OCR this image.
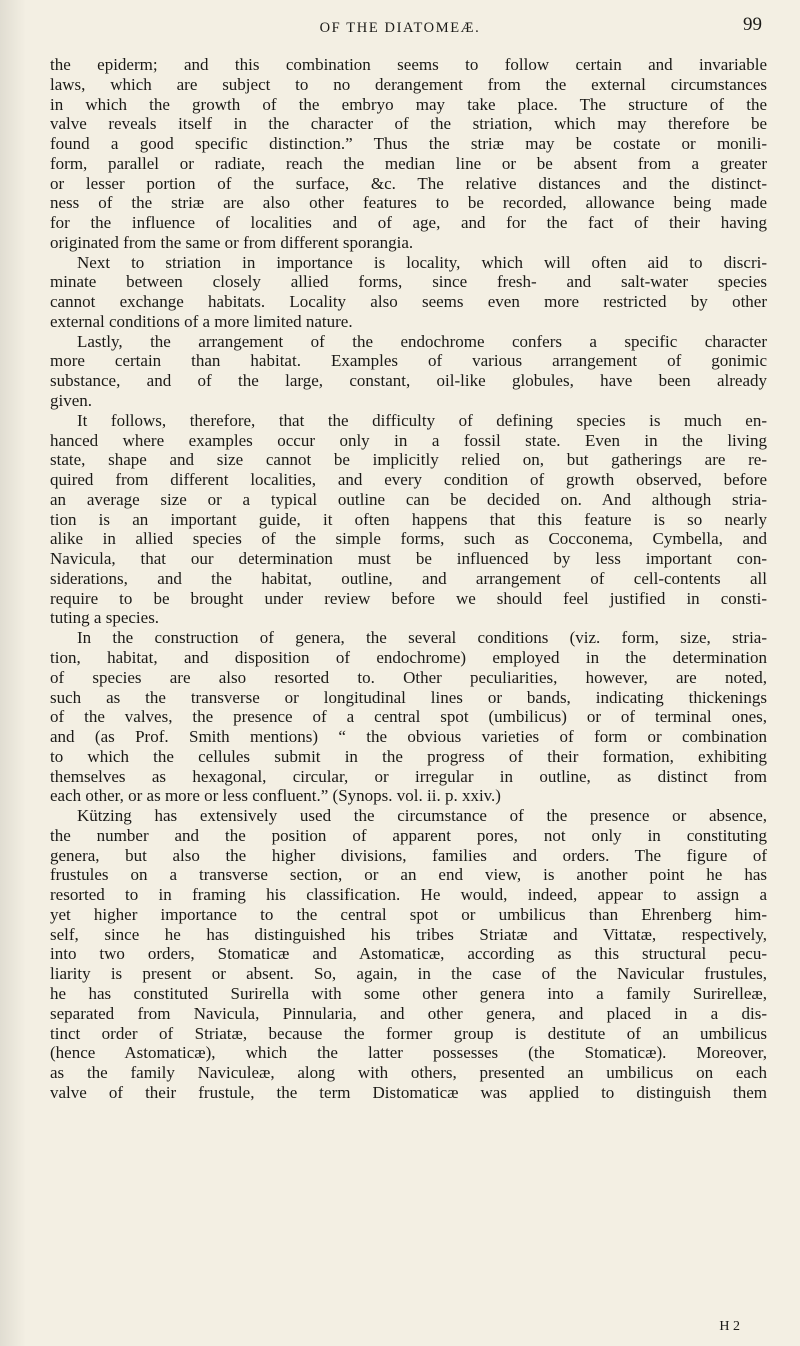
OF THE DIATOMEÆ.	99
the epiderm; and this combination seems to follow certain and invariable
laws, which are subject to no derangement from the external circumstances
in which the growth of the embryo may take place. The structure of the
valve reveals itself in the character of the striation, which may therefore be
found a good specific distinction.” Thus the striæ may be costate or monili-
form, parallel or radiate, reach the median line or be absent from a greater
or lesser portion of the surface, &c. The relative distances and the distinct-
ness of the striæ are also other features to be recorded, allowance being made
for the influence of localities and of age, and for the fact of their having
originated from the same or from different sporangia.
Next to striation in importance is locality, which will often aid to discri-
minate between closely allied forms, since fresh- and salt-water species
cannot exchange habitats. Locality also seems even more restricted by other
external conditions of a more limited nature.
Lastly, the arrangement of the endochrome confers a specific character
more certain than habitat. Examples of various arrangement of gonimic
substance, and of the large, constant, oil-like globules, have been already
given.
It follows, therefore, that the difficulty of defining species is much en-
hanced where examples occur only in a fossil state. Even in the living
state, shape and size cannot be implicitly relied on, but gatherings are re-
quired from different localities, and every condition of growth observed, before
an average size or a typical outline can be decided on. And although stria-
tion is an important guide, it often happens that this feature is so nearly
alike in allied species of the simple forms, such as Cocconema, Cymbella, and
Navicula, that our determination must be influenced by less important con-
siderations, and the habitat, outline, and arrangement of cell-contents all
require to be brought under review before we should feel justified in consti-
tuting a species.
In the construction of genera, the several conditions (viz. form, size, stria-
tion, habitat, and disposition of endochrome) employed in the determination
of species are also resorted to. Other peculiarities, however, are noted,
such as the transverse or longitudinal lines or bands, indicating thickenings
of the valves, the presence of a central spot (umbilicus) or of terminal ones,
and (as Prof. Smith mentions) “ the obvious varieties of form or combination
to which the cellules submit in the progress of their formation, exhibiting
themselves as hexagonal, circular, or irregular in outline, as distinct from
each other, or as more or less confluent.” (Synops. vol. ii. p. xxiv.)
Kützing has extensively used the circumstance of the presence or absence,
the number and the position of apparent pores, not only in constituting
genera, but also the higher divisions, families and orders. The figure of
frustules on a transverse section, or an end view, is another point he has
resorted to in framing his classification. He would, indeed, appear to assign a
yet higher importance to the central spot or umbilicus than Ehrenberg him-
self, since he has distinguished his tribes Striatæ and Vittatæ, respectively,
into two orders, Stomaticæ and Astomaticæ, according as this structural pecu-
liarity is present or absent. So, again, in the case of the Navicular frustules,
he has constituted Surirella with some other genera into a family Surirelleæ,
separated from Navicula, Pinnularia, and other genera, and placed in a dis-
tinct order of Striatæ, because the former group is destitute of an umbilicus
(hence Astomaticæ), which the latter possesses (the Stomaticæ). Moreover,
as the family Naviculeæ, along with others, presented an umbilicus on each
valve of their frustule, the term Distomaticæ was applied to distinguish them
H 2
